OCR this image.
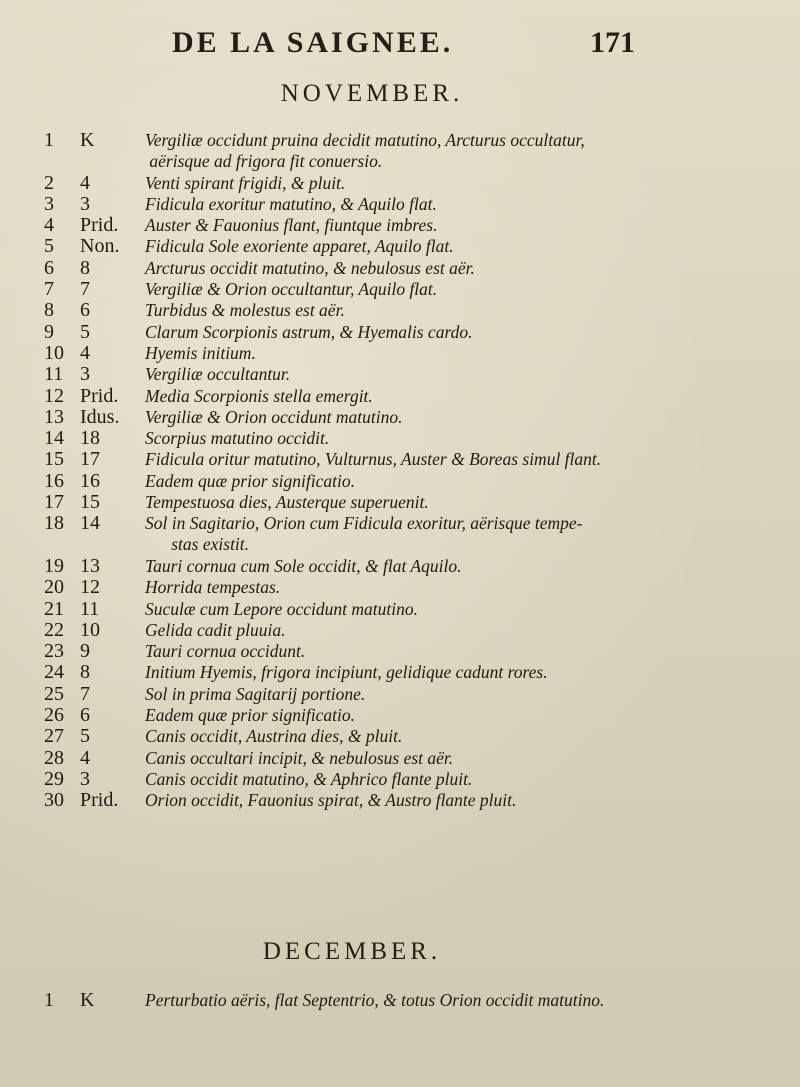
DE LA SAIGNEE.	171
NOVEMBER.
1	K	Vergiliæ occidunt pruina decidit matutino, Arcturus occultatur,
aërisque ad frigora fit conuersio.
2	4	Venti spirant frigidi, & pluit.
3	3	Fidicula exoritur matutino, & Aquilo flat.
4	Prid.	Auster & Fauonius flant, fiuntque imbres.
5	Non.	Fidicula Sole exoriente apparet, Aquilo flat.
6	8	Arcturus occidit matutino, & nebulosus est aër.
7	7	Vergiliæ & Orion occultantur, Aquilo flat.
8	6	Turbidus & molestus est aër.
9	5	Clarum Scorpionis astrum, & Hyemalis cardo.
10 4	Hyemis initium.
11 3	Vergiliæ occultantur.
12 Prid.	Media Scorpionis stella emergit.
13 Idus.	Vergiliæ & Orion occidunt matutino.
14 18	Scorpius matutino occidit.
15 17	Fidicula oritur matutino, Vulturnus, Auster & Boreas simul flant.
16 16	Eadem quæ prior significatio.
17 15	Tempestuosa dies, Austerque superuenit.
18 14	Sol in Sagitario, Orion cum Fidicula exoritur, aërisque tempe-
stas existit.
19 13	Tauri cornua cum Sole occidit, & flat Aquilo.
20 12	Horrida tempestas.
21 11	Suculæ cum Lepore occidunt matutino.
22 10	Gelida cadit pluuia.
23 9	Tauri cornua occidunt.
24 8	Initium Hyemis, frigora incipiunt, gelidique cadunt rores.
25 7	Sol in prima Sagitarij portione.
26 6	Eadem quæ prior significatio.
27 5	Canis occidit, Austrina dies, & pluit.
28 4	Canis occultari incipit, & nebulosus est aër.
29 3	Canis occidit matutino, & Aphrico flante pluit.
30 Prid.	Orion occidit, Fauonius spirat, & Austro flante pluit.
DECEMBER.
1	K	Perturbatio aëris, flat Septentrio, & totus Orion occidit matutino.
